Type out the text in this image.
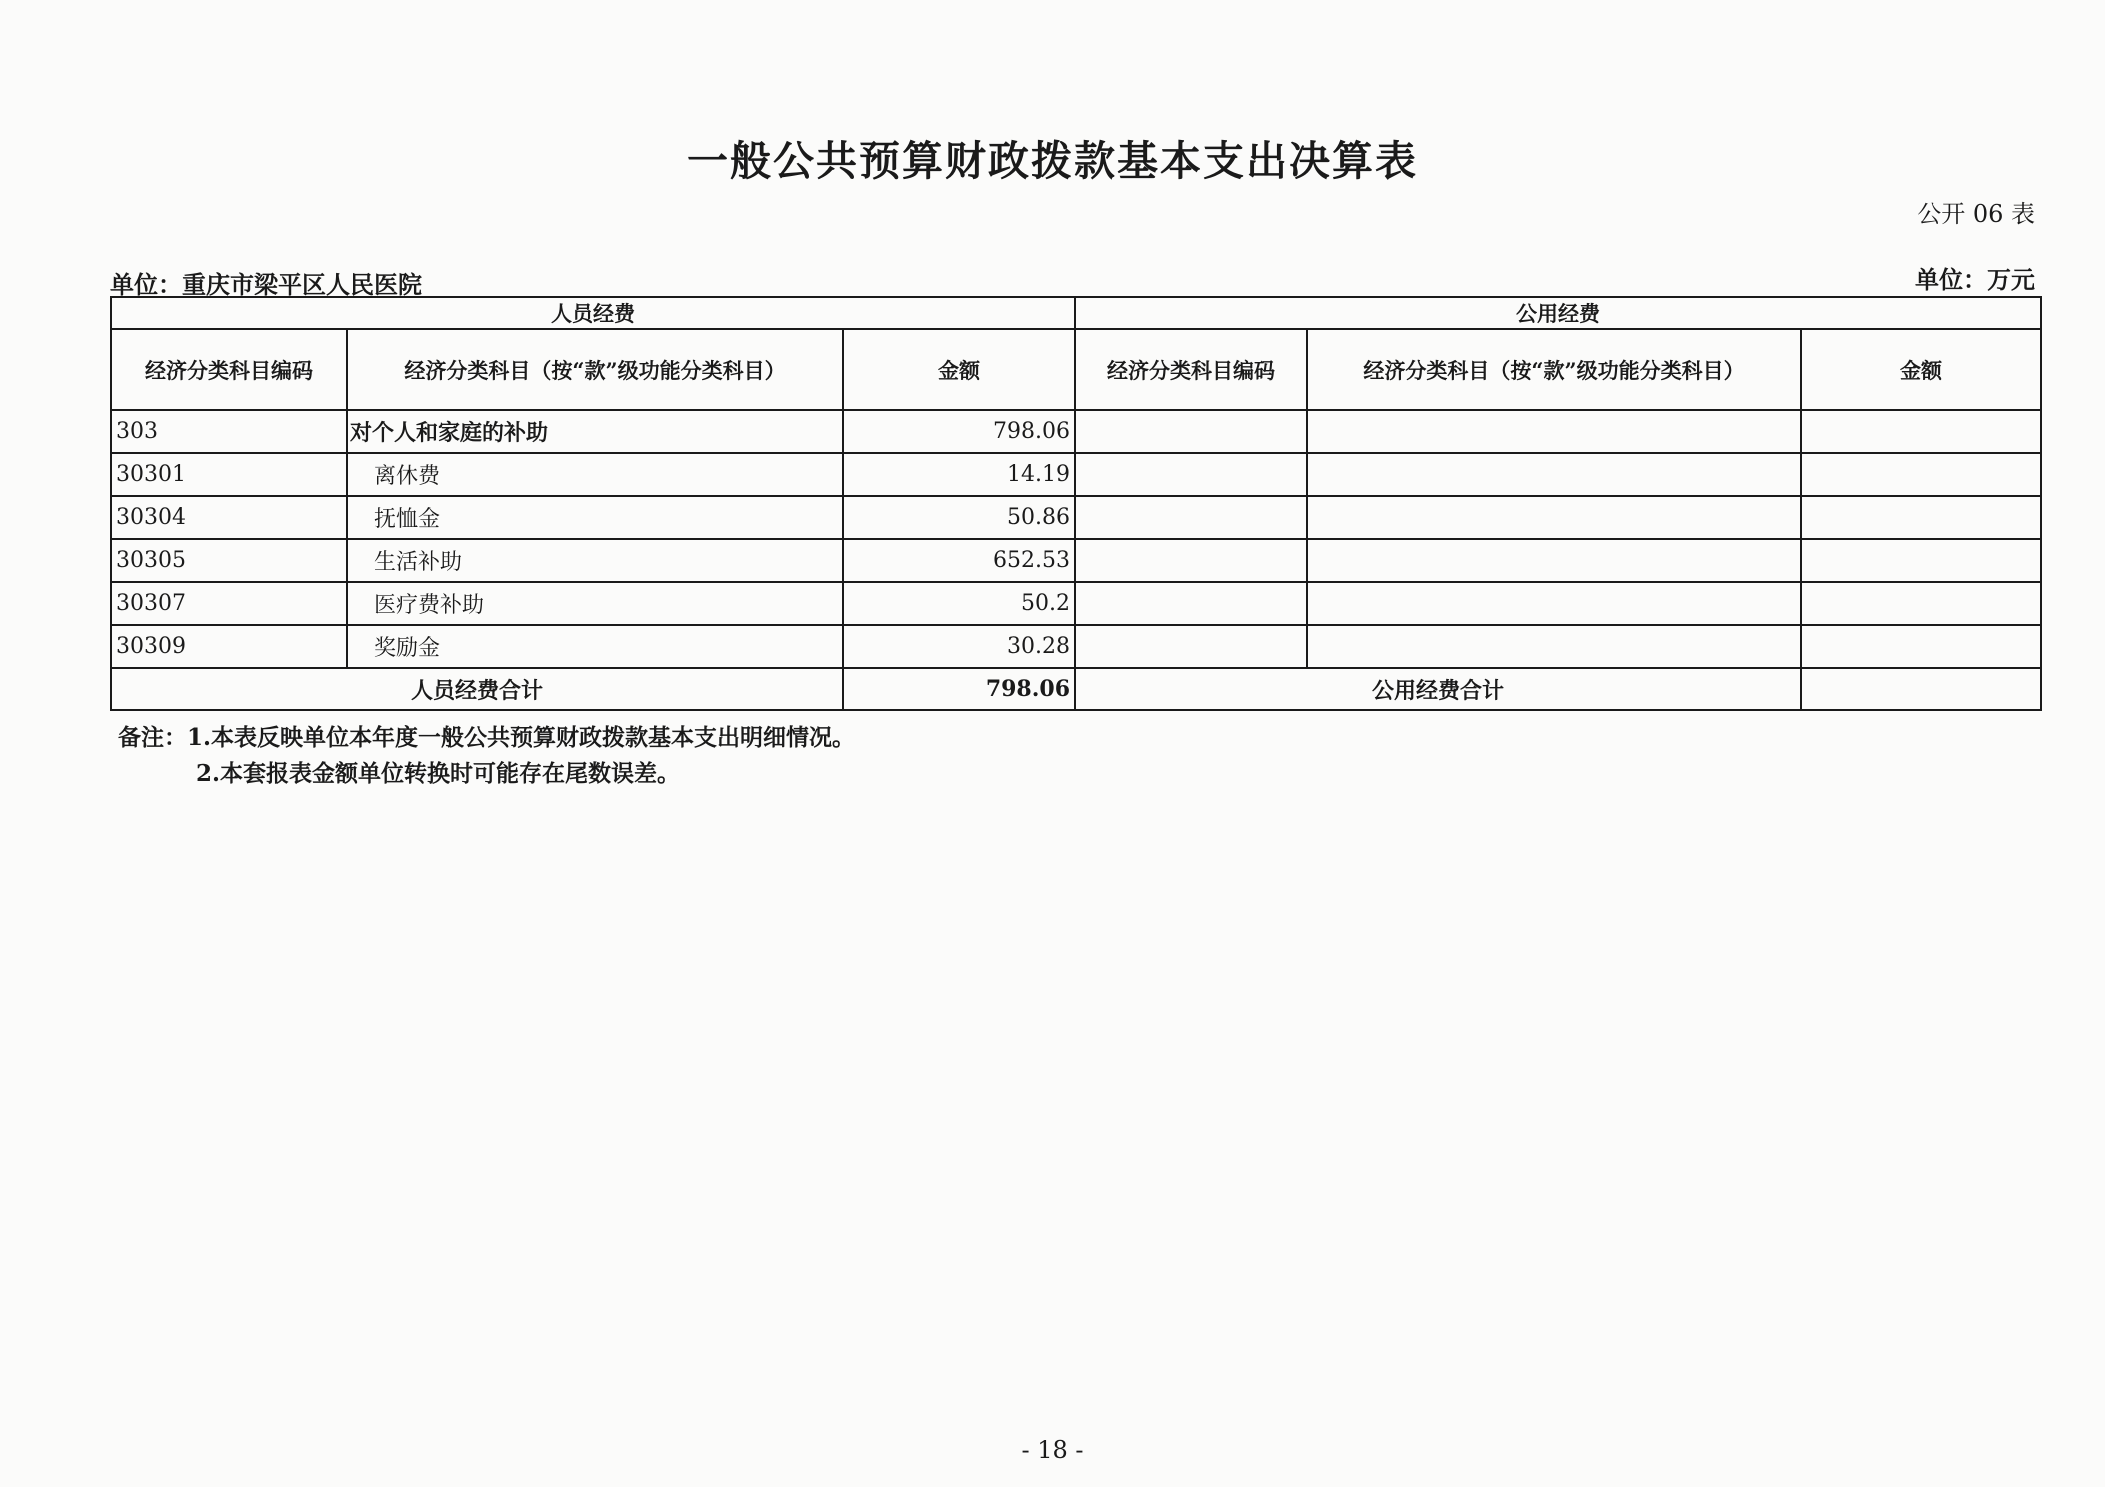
一般公共预算财政拨款基本支出决算表
公开 06 表
单位：重庆市梁平区人民医院	单位：万元
人员经费			公用经费		
经济分类科目编码	经济分类科目（按“款”级功能分类科目）	金额	经济分类科目编码	经济分类科目（按“款”级功能分类科目）	金额
303	对个人和家庭的补助	798.06			
30301	离休费	14.19			
30304	抚恤金	50.86			
30305	生活补助	652.53			
30307	医疗费补助	50.2			
30309	奖励金	30.28			
人员经费合计		798.06	公用经费合计		
备注：1.本表反映单位本年度一般公共预算财政拨款基本支出明细情况。
2.本套报表金额单位转换时可能存在尾数误差。
- 18 -
